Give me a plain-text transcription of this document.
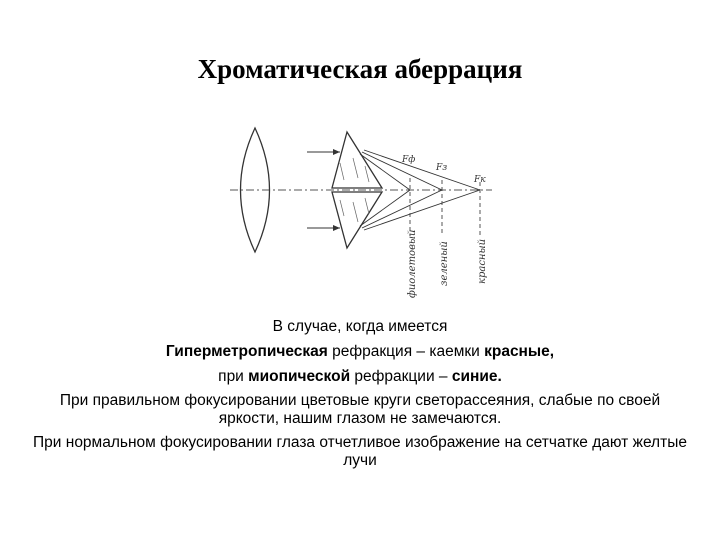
Хроматическая аберрация
Fф
Fз
Fк
фиолетовый зеленый	красный

В случае, когда имеется

Гиперметропическая рефракция – каемки красные,

при миопической рефракции – синие.

При правильном фокусировании цветовые круги светорассеяния, слабые по своей яркости, нашим глазом не замечаются.

При нормальном фокусировании глаза отчетливое изображение на сетчатке дают желтые лучи
